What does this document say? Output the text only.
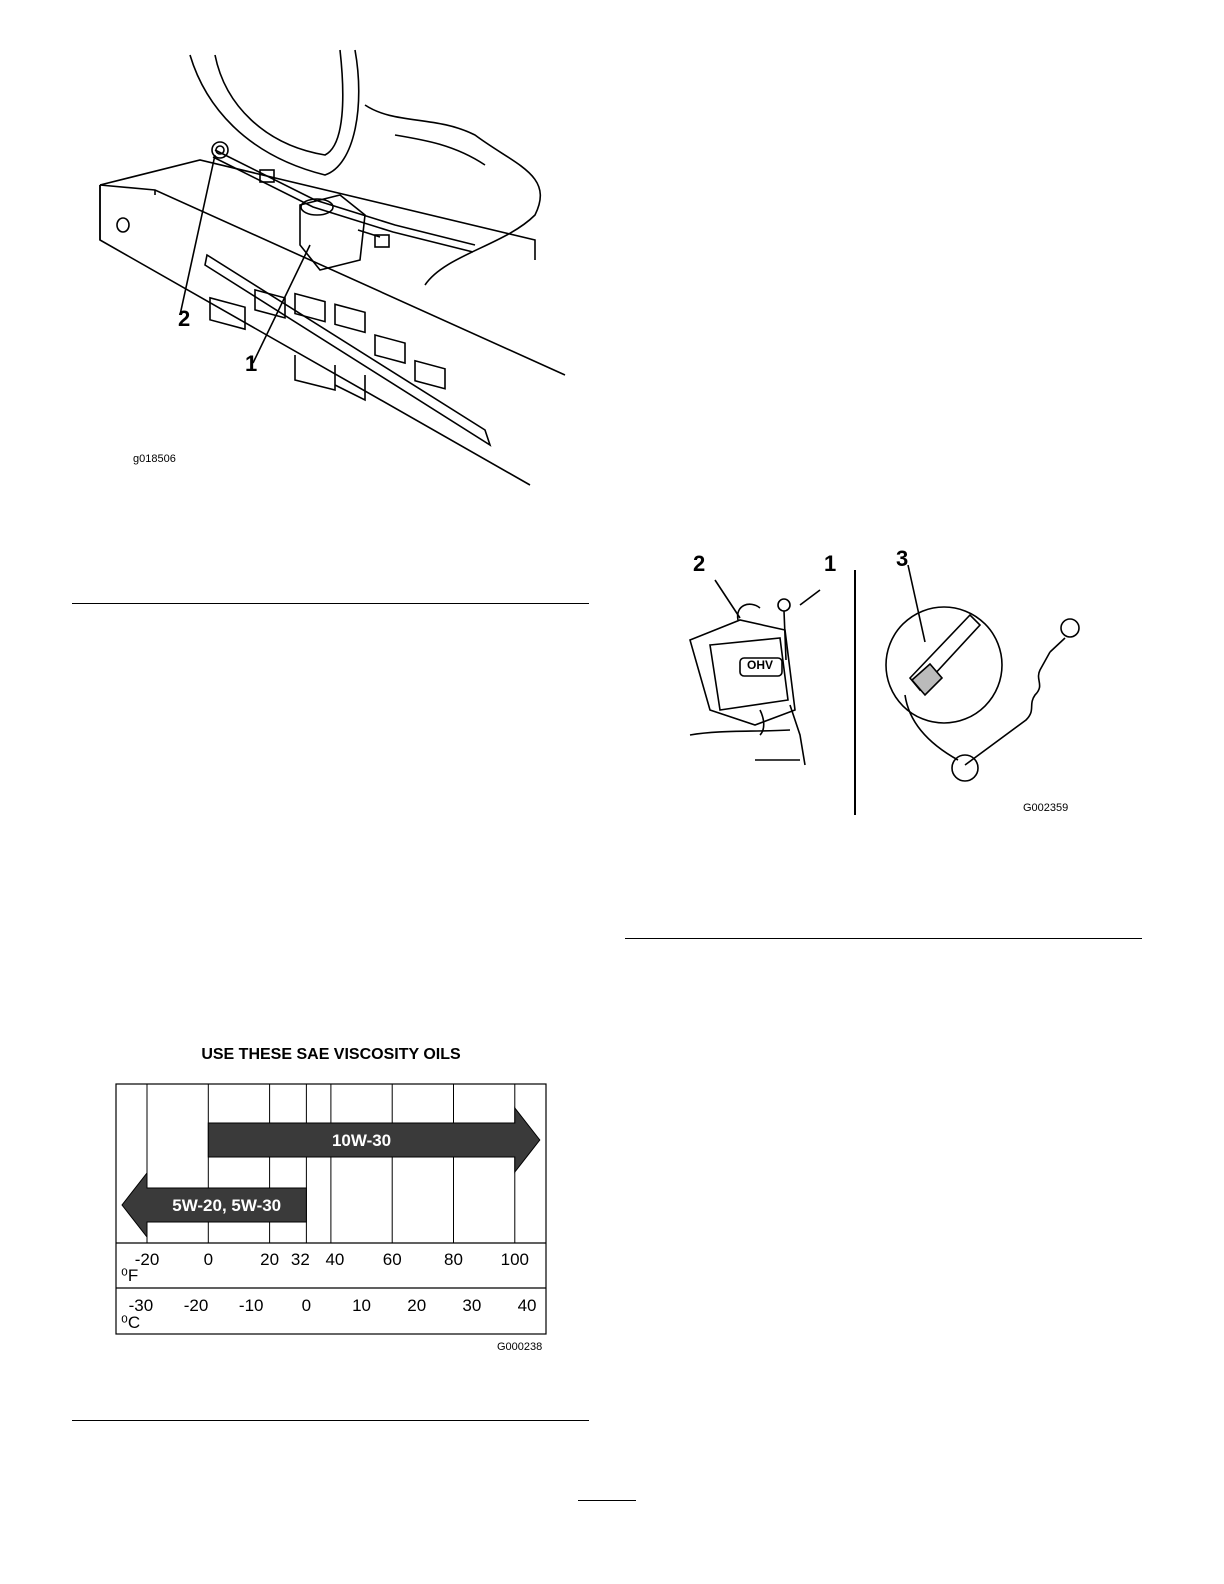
2
1
g018506
OHV
2	1	3
G002359
USE THESE SAE VISCOSITY OILS
10W-30
5W-20, 5W-30
-20	0	20 32 40 60 80 100
⁰F
-30 -20 -10 0 10 20 30 40
⁰C
G000238
